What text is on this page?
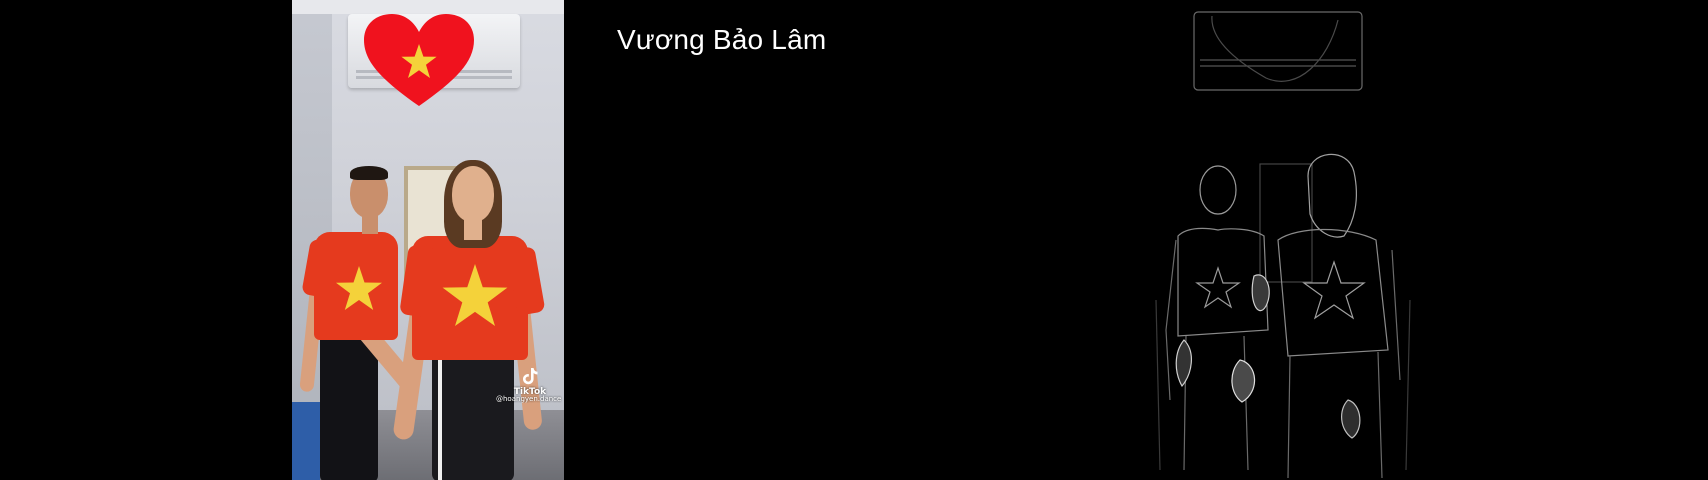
TikTok
@hoangyen.dance
Vương Bảo Lâm
